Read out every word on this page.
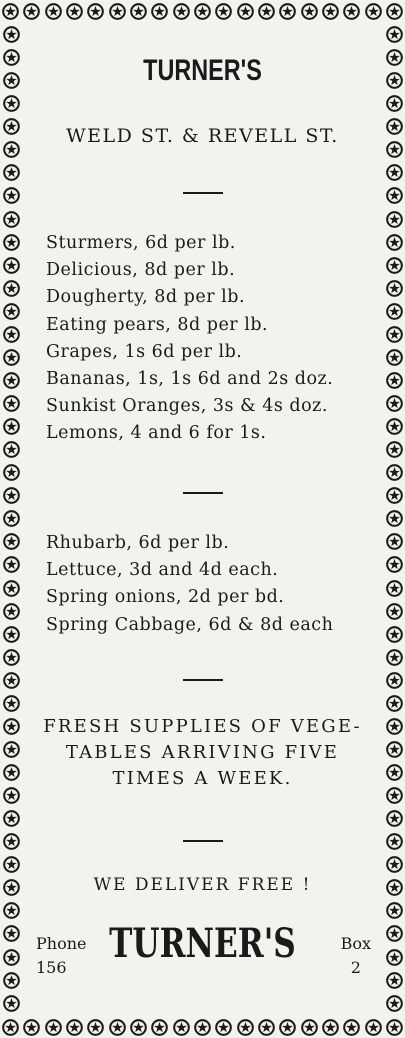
TURNER'S
WELD ST. & REVELL ST.
Sturmers, 6d per lb.
Delicious, 8d per lb.
Dougherty, 8d per lb.
Eating pears, 8d per lb.
Grapes, 1s 6d per lb.
Bananas, 1s, 1s 6d and 2s doz.
Sunkist Oranges, 3s & 4s doz.
Lemons, 4 and 6 for 1s.
Rhubarb, 6d per lb.
Lettuce, 3d and 4d each.
Spring onions, 2d per bd.
Spring Cabbage, 6d & 8d each
FRESH SUPPLIES OF VEGE-
TABLES ARRIVING FIVE
TIMES A WEEK.
WE DELIVER FREE !
Phone
156
TURNER'S	Box
2
